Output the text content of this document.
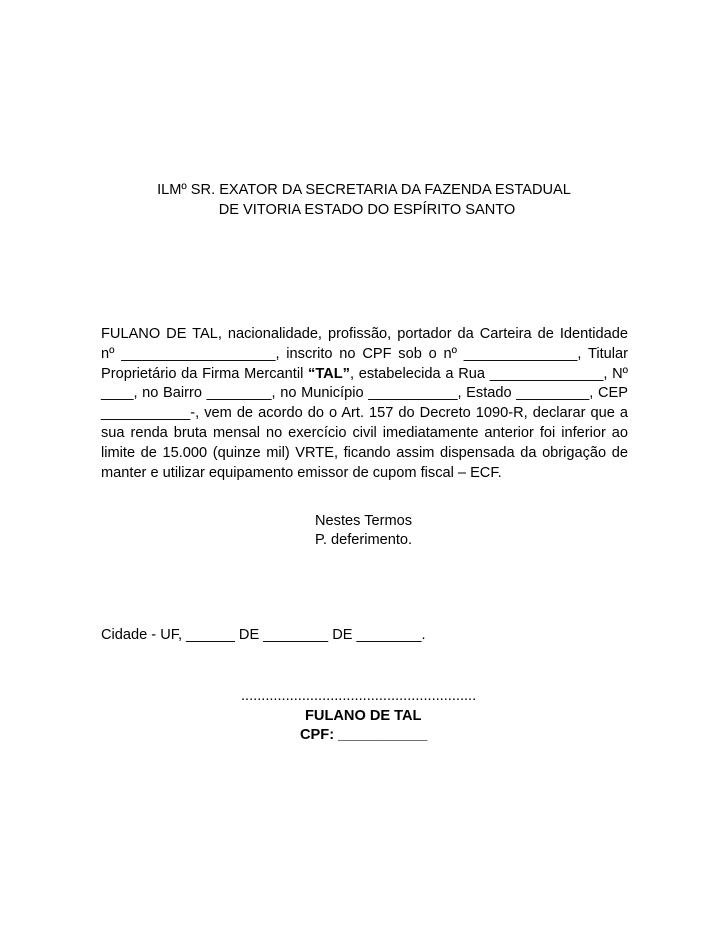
ILMº SR. EXATOR DA SECRETARIA DA FAZENDA ESTADUAL
DE VITORIA ESTADO DO ESPÍRITO SANTO
FULANO DE TAL, nacionalidade, profissão, portador da Carteira de Identidade nº ___________________, inscrito no CPF sob o nº ______________, Titular Proprietário da Firma Mercantil “TAL”, estabelecida a Rua ______________, Nº ____, no Bairro ________, no Município ___________, Estado _________, CEP ___________-, vem de acordo do o Art. 157 do Decreto 1090-R, declarar que a sua renda bruta mensal no exercício civil imediatamente anterior foi inferior ao limite de 15.000 (quinze mil) VRTE, ficando assim dispensada da obrigação de manter e utilizar equipamento emissor de cupom fiscal – ECF.
Nestes Termos
P. deferimento.
Cidade - UF, ______ DE ________ DE ________.
..........................................................
FULANO DE TAL
CPF: ___________
